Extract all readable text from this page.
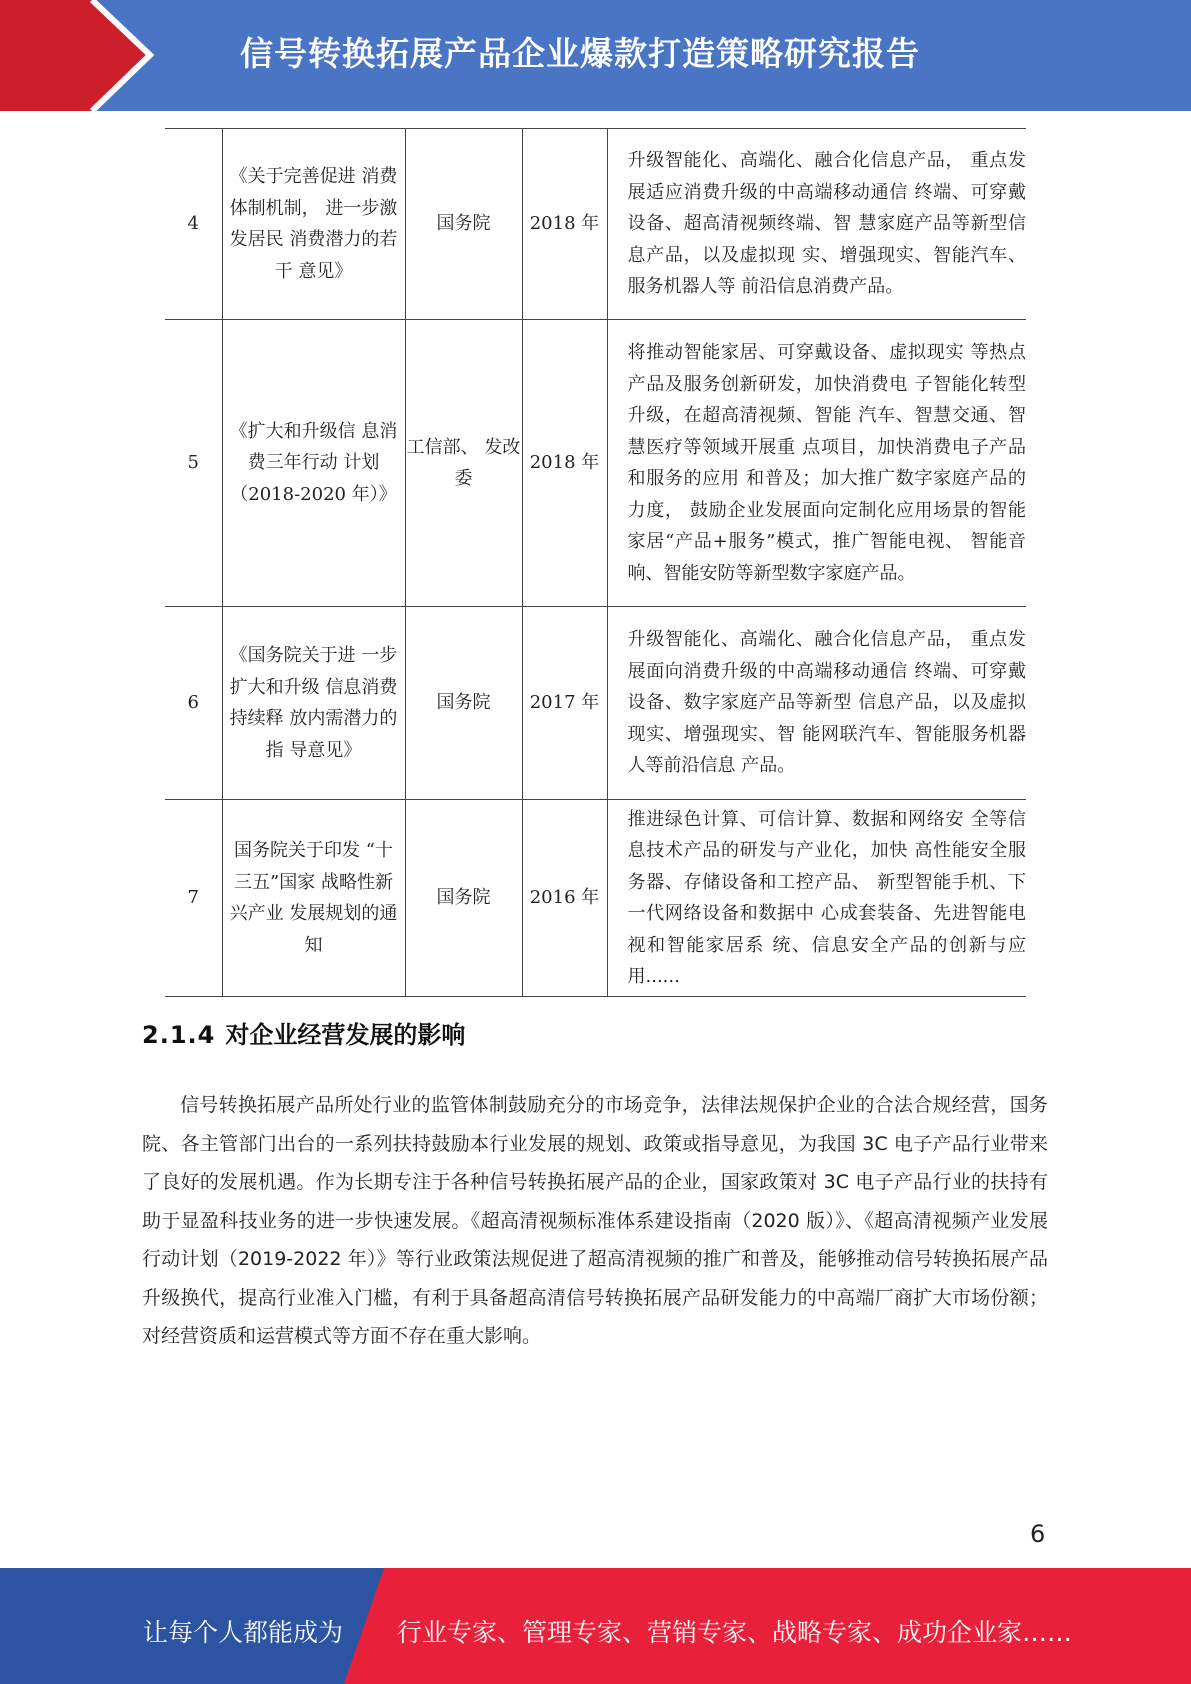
信号转换拓展产品企业爆款打造策略研究报告
4	《关于完善促进 消费体制机制， 进一步激发居民 消费潜力的若干 意见》	国务院	2018 年	升级智能化、高端化、融合化信息产品， 重点发展适应消费升级的中高端移动通信 终端、可穿戴设备、超高清视频终端、智 慧家庭产品等新型信息产品，以及虚拟现 实、增强现实、智能汽车、服务机器人等 前沿信息消费产品。
5	《扩大和升级信 息消费三年行动 计划（2018-2020 年）》	工信部、 发改委	2018 年	将推动智能家居、可穿戴设备、虚拟现实 等热点产品及服务创新研发，加快消费电 子智能化转型升级，在超高清视频、智能 汽车、智慧交通、智慧医疗等领域开展重 点项目，加快消费电子产品和服务的应用 和普及；加大推广数字家庭产品的力度， 鼓励企业发展面向定制化应用场景的智能 家居“产品+服务”模式，推广智能电视、 智能音响、智能安防等新型数字家庭产品。
6	《国务院关于进 一步扩大和升级 信息消费持续释 放内需潜力的指 导意见》	国务院	2017 年	升级智能化、高端化、融合化信息产品， 重点发展面向消费升级的中高端移动通信 终端、可穿戴设备、数字家庭产品等新型 信息产品，以及虚拟现实、增强现实、智 能网联汽车、智能服务机器人等前沿信息 产品。
7	国务院关于印发 “十三五”国家 战略性新兴产业 发展规划的通知	国务院	2016 年	推进绿色计算、可信计算、数据和网络安 全等信息技术产品的研发与产业化，加快 高性能安全服务器、存储设备和工控产品、 新型智能手机、下一代网络设备和数据中 心成套装备、先进智能电视和智能家居系 统、信息安全产品的创新与应用......
2.1.4 对企业经营发展的影响

信号转换拓展产品所处行业的监管体制鼓励充分的市场竞争，法律法规保护企业的合法合规经营，国务院、各主管部门出台的一系列扶持鼓励本行业发展的规划、政策或指导意见，为我国 3C 电子产品行业带来了良好的发展机遇。作为长期专注于各种信号转换拓展产品的企业，国家政策对 3C 电子产品行业的扶持有助于显盈科技业务的进一步快速发展。《超高清视频标准体系建设指南（2020 版）》、《超高清视频产业发展行动计划（2019-2022 年）》等行业政策法规促进了超高清视频的推广和普及，能够推动信号转换拓展产品升级换代，提高行业准入门槛，有利于具备超高清信号转换拓展产品研发能力的中高端厂商扩大市场份额；对经营资质和运营模式等方面不存在重大影响。

6
让每个人都能成为 行业专家、管理专家、营销专家、战略专家、成功企业家……
